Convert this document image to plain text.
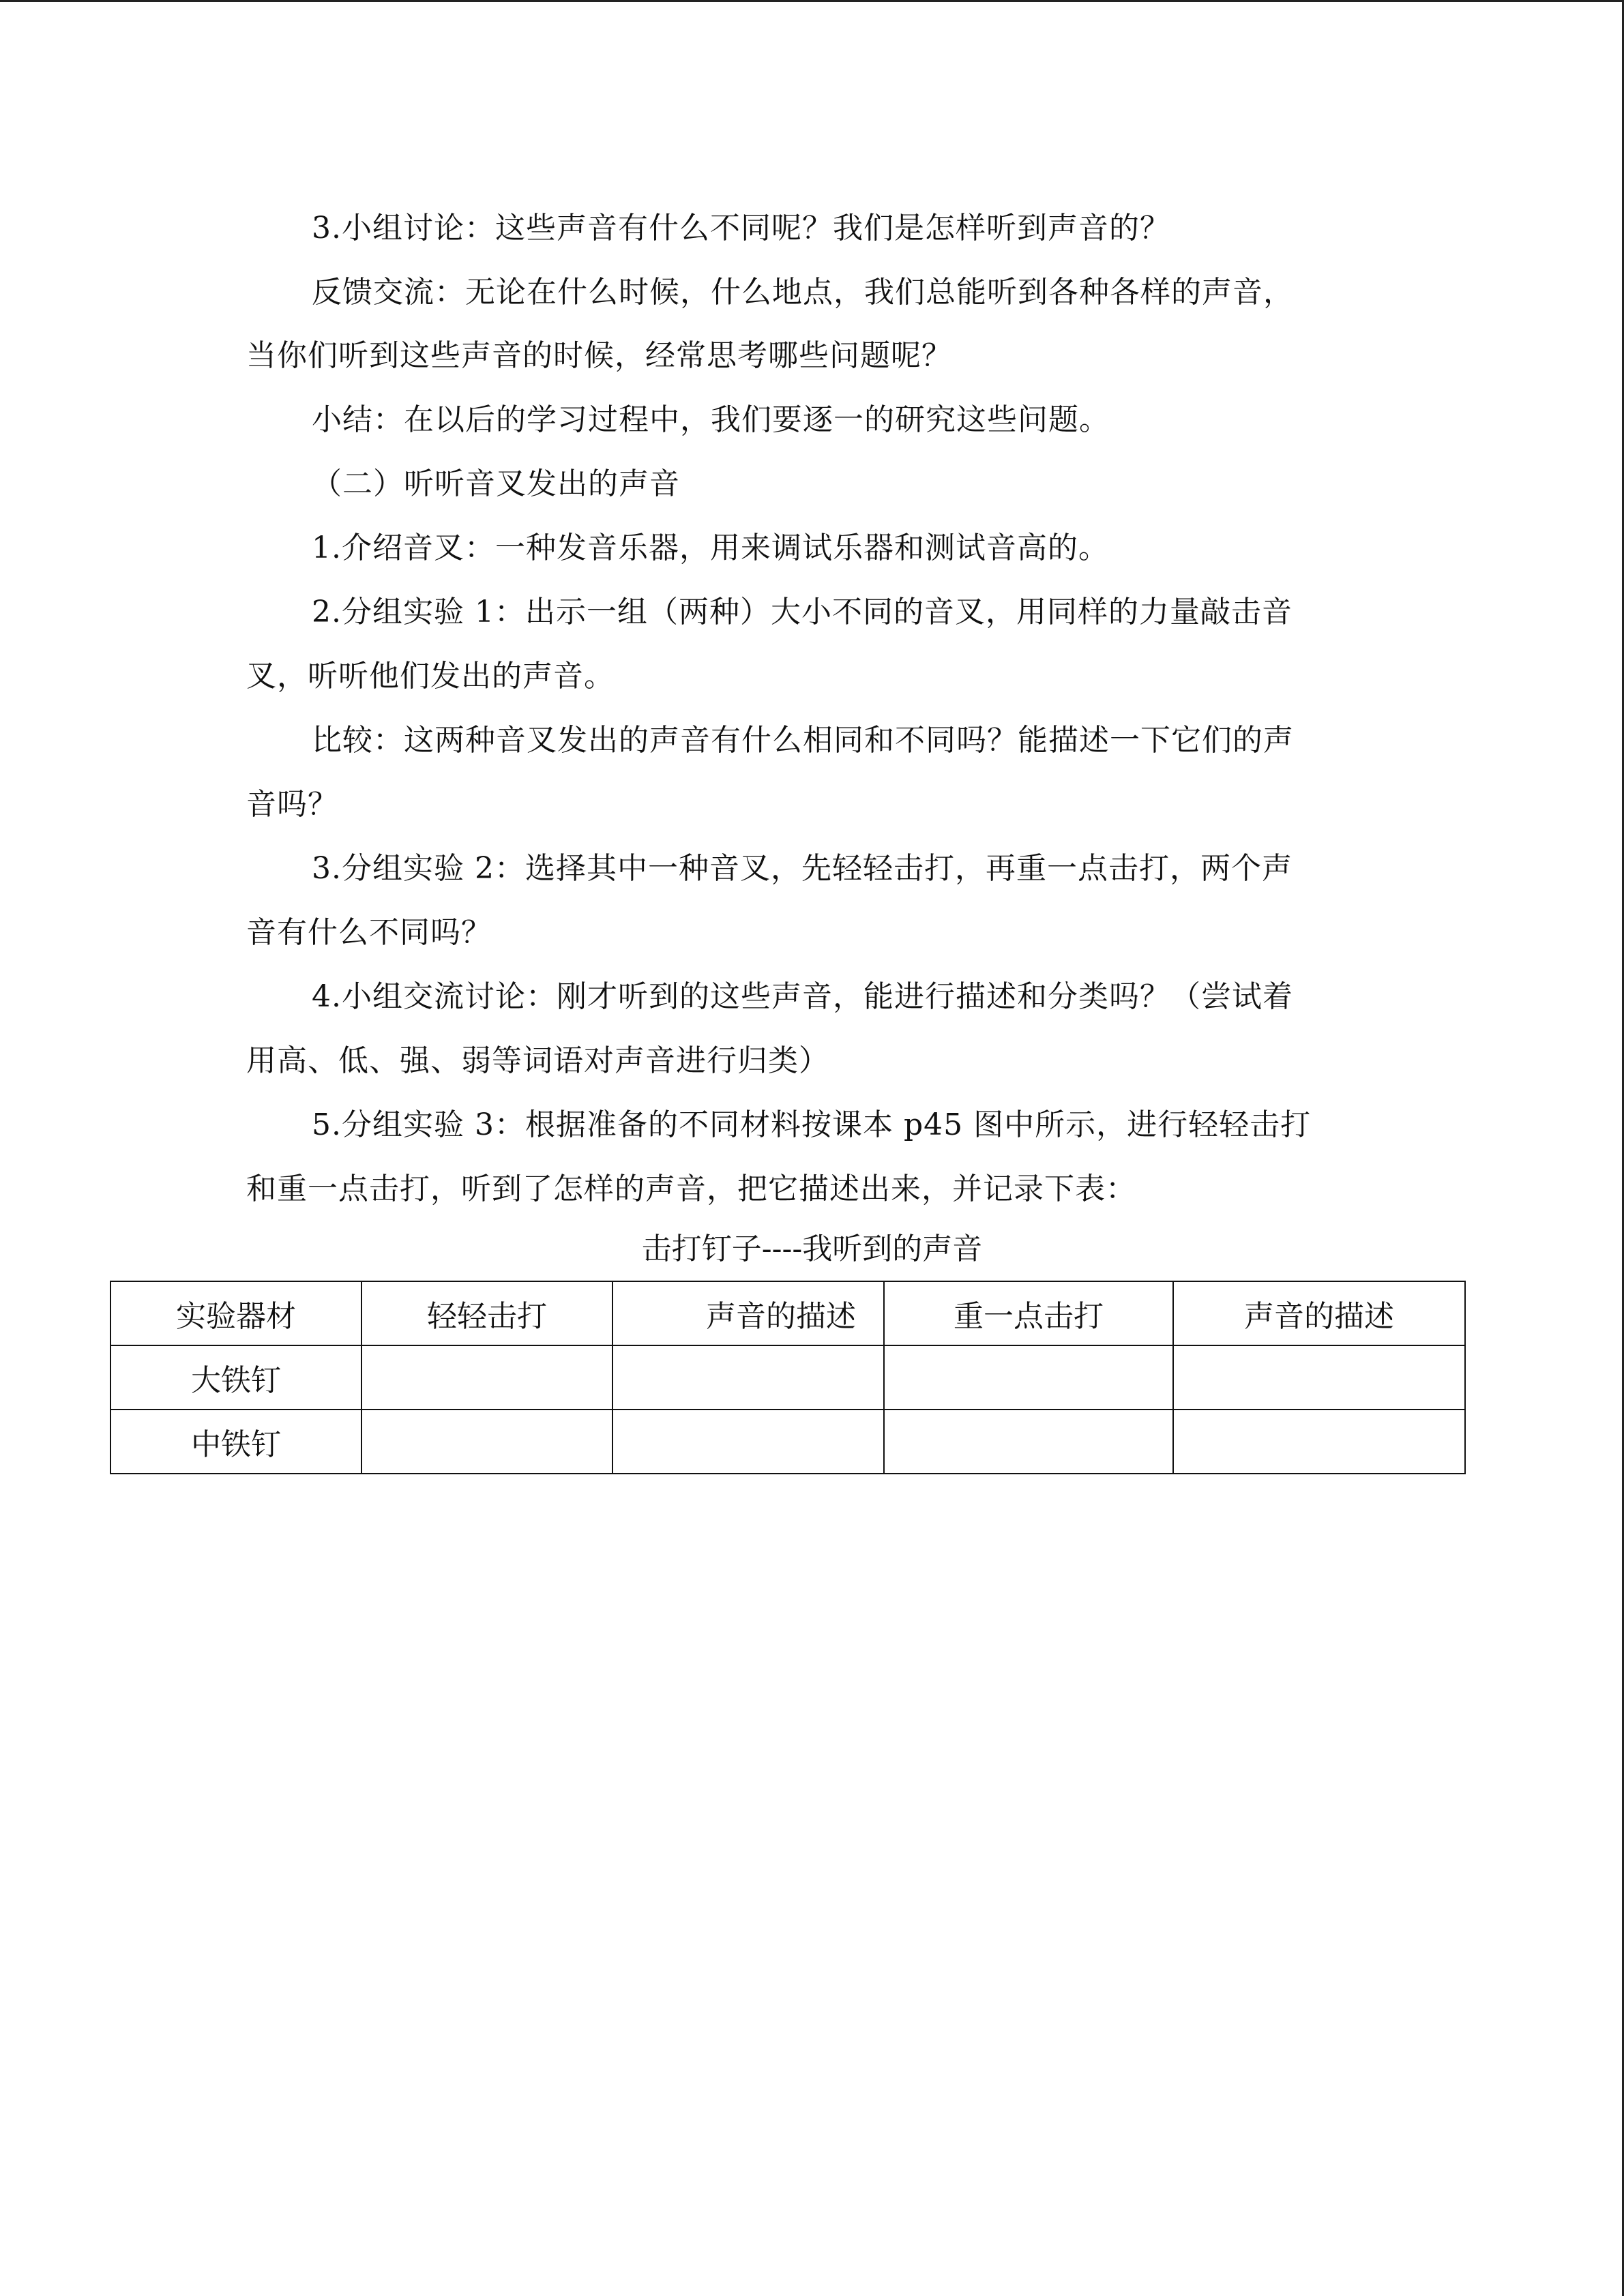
3.小组讨论：这些声音有什么不同呢？我们是怎样听到声音的？
反馈交流：无论在什么时候，什么地点，我们总能听到各种各样的声音，
当你们听到这些声音的时候，经常思考哪些问题呢？
小结：在以后的学习过程中，我们要逐一的研究这些问题。
（二）听听音叉发出的声音
1.介绍音叉：一种发音乐器，用来调试乐器和测试音高的。
2.分组实验 1：出示一组（两种）大小不同的音叉，用同样的力量敲击音
叉，听听他们发出的声音。
比较：这两种音叉发出的声音有什么相同和不同吗？能描述一下它们的声
音吗？
3.分组实验 2：选择其中一种音叉，先轻轻击打，再重一点击打，两个声
音有什么不同吗？
4.小组交流讨论：刚才听到的这些声音，能进行描述和分类吗？（尝试着
用高、低、强、弱等词语对声音进行归类）
5.分组实验 3：根据准备的不同材料按课本 p45 图中所示，进行轻轻击打
和重一点击打，听到了怎样的声音，把它描述出来，并记录下表：
击打钉子----我听到的声音
实验器材	轻轻击打	声音的描述	重一点击打	声音的描述
大铁钉				
中铁钉				
